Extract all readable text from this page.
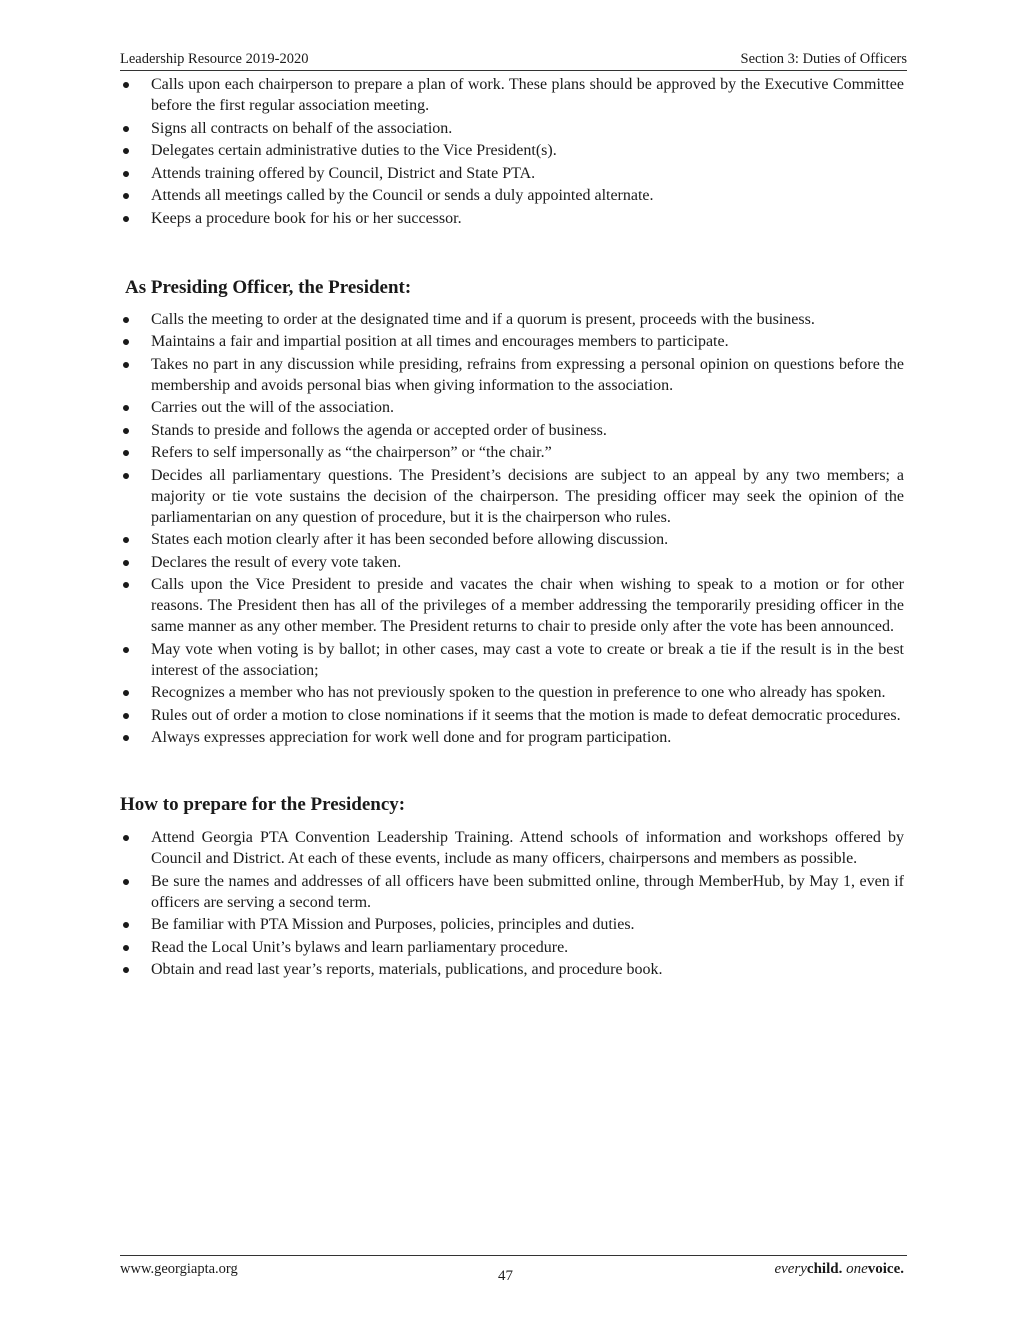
Leadership Resource 2019-2020	Section 3: Duties of Officers
Calls upon each chairperson to prepare a plan of work. These plans should be approved by the Executive Committee before the first regular association meeting.
Signs all contracts on behalf of the association.
Delegates certain administrative duties to the Vice President(s).
Attends training offered by Council, District and State PTA.
Attends all meetings called by the Council or sends a duly appointed alternate.
Keeps a procedure book for his or her successor.
As Presiding Officer, the President:
Calls the meeting to order at the designated time and if a quorum is present, proceeds with the business.
Maintains a fair and impartial position at all times and encourages members to participate.
Takes no part in any discussion while presiding, refrains from expressing a personal opinion on questions before the membership and avoids personal bias when giving information to the association.
Carries out the will of the association.
Stands to preside and follows the agenda or accepted order of business.
Refers to self impersonally as “the chairperson” or “the chair.”
Decides all parliamentary questions. The President’s decisions are subject to an appeal by any two members; a majority or tie vote sustains the decision of the chairperson. The presiding officer may seek the opinion of the parliamentarian on any question of procedure, but it is the chairperson who rules.
States each motion clearly after it has been seconded before allowing discussion.
Declares the result of every vote taken.
Calls upon the Vice President to preside and vacates the chair when wishing to speak to a motion or for other reasons. The President then has all of the privileges of a member addressing the temporarily presiding officer in the same manner as any other member. The President returns to chair to preside only after the vote has been announced.
May vote when voting is by ballot; in other cases, may cast a vote to create or break a tie if the result is in the best interest of the association;
Recognizes a member who has not previously spoken to the question in preference to one who already has spoken.
Rules out of order a motion to close nominations if it seems that the motion is made to defeat democratic procedures.
Always expresses appreciation for work well done and for program participation.
How to prepare for the Presidency:
Attend Georgia PTA Convention Leadership Training. Attend schools of information and workshops offered by Council and District. At each of these events, include as many officers, chairpersons and members as possible.
Be sure the names and addresses of all officers have been submitted online, through MemberHub, by May 1, even if officers are serving a second term.
Be familiar with PTA Mission and Purposes, policies, principles and duties.
Read the Local Unit’s bylaws and learn parliamentary procedure.
Obtain and read last year’s reports, materials, publications, and procedure book.
www.georgiapta.org	47	everychild. onevoice.
